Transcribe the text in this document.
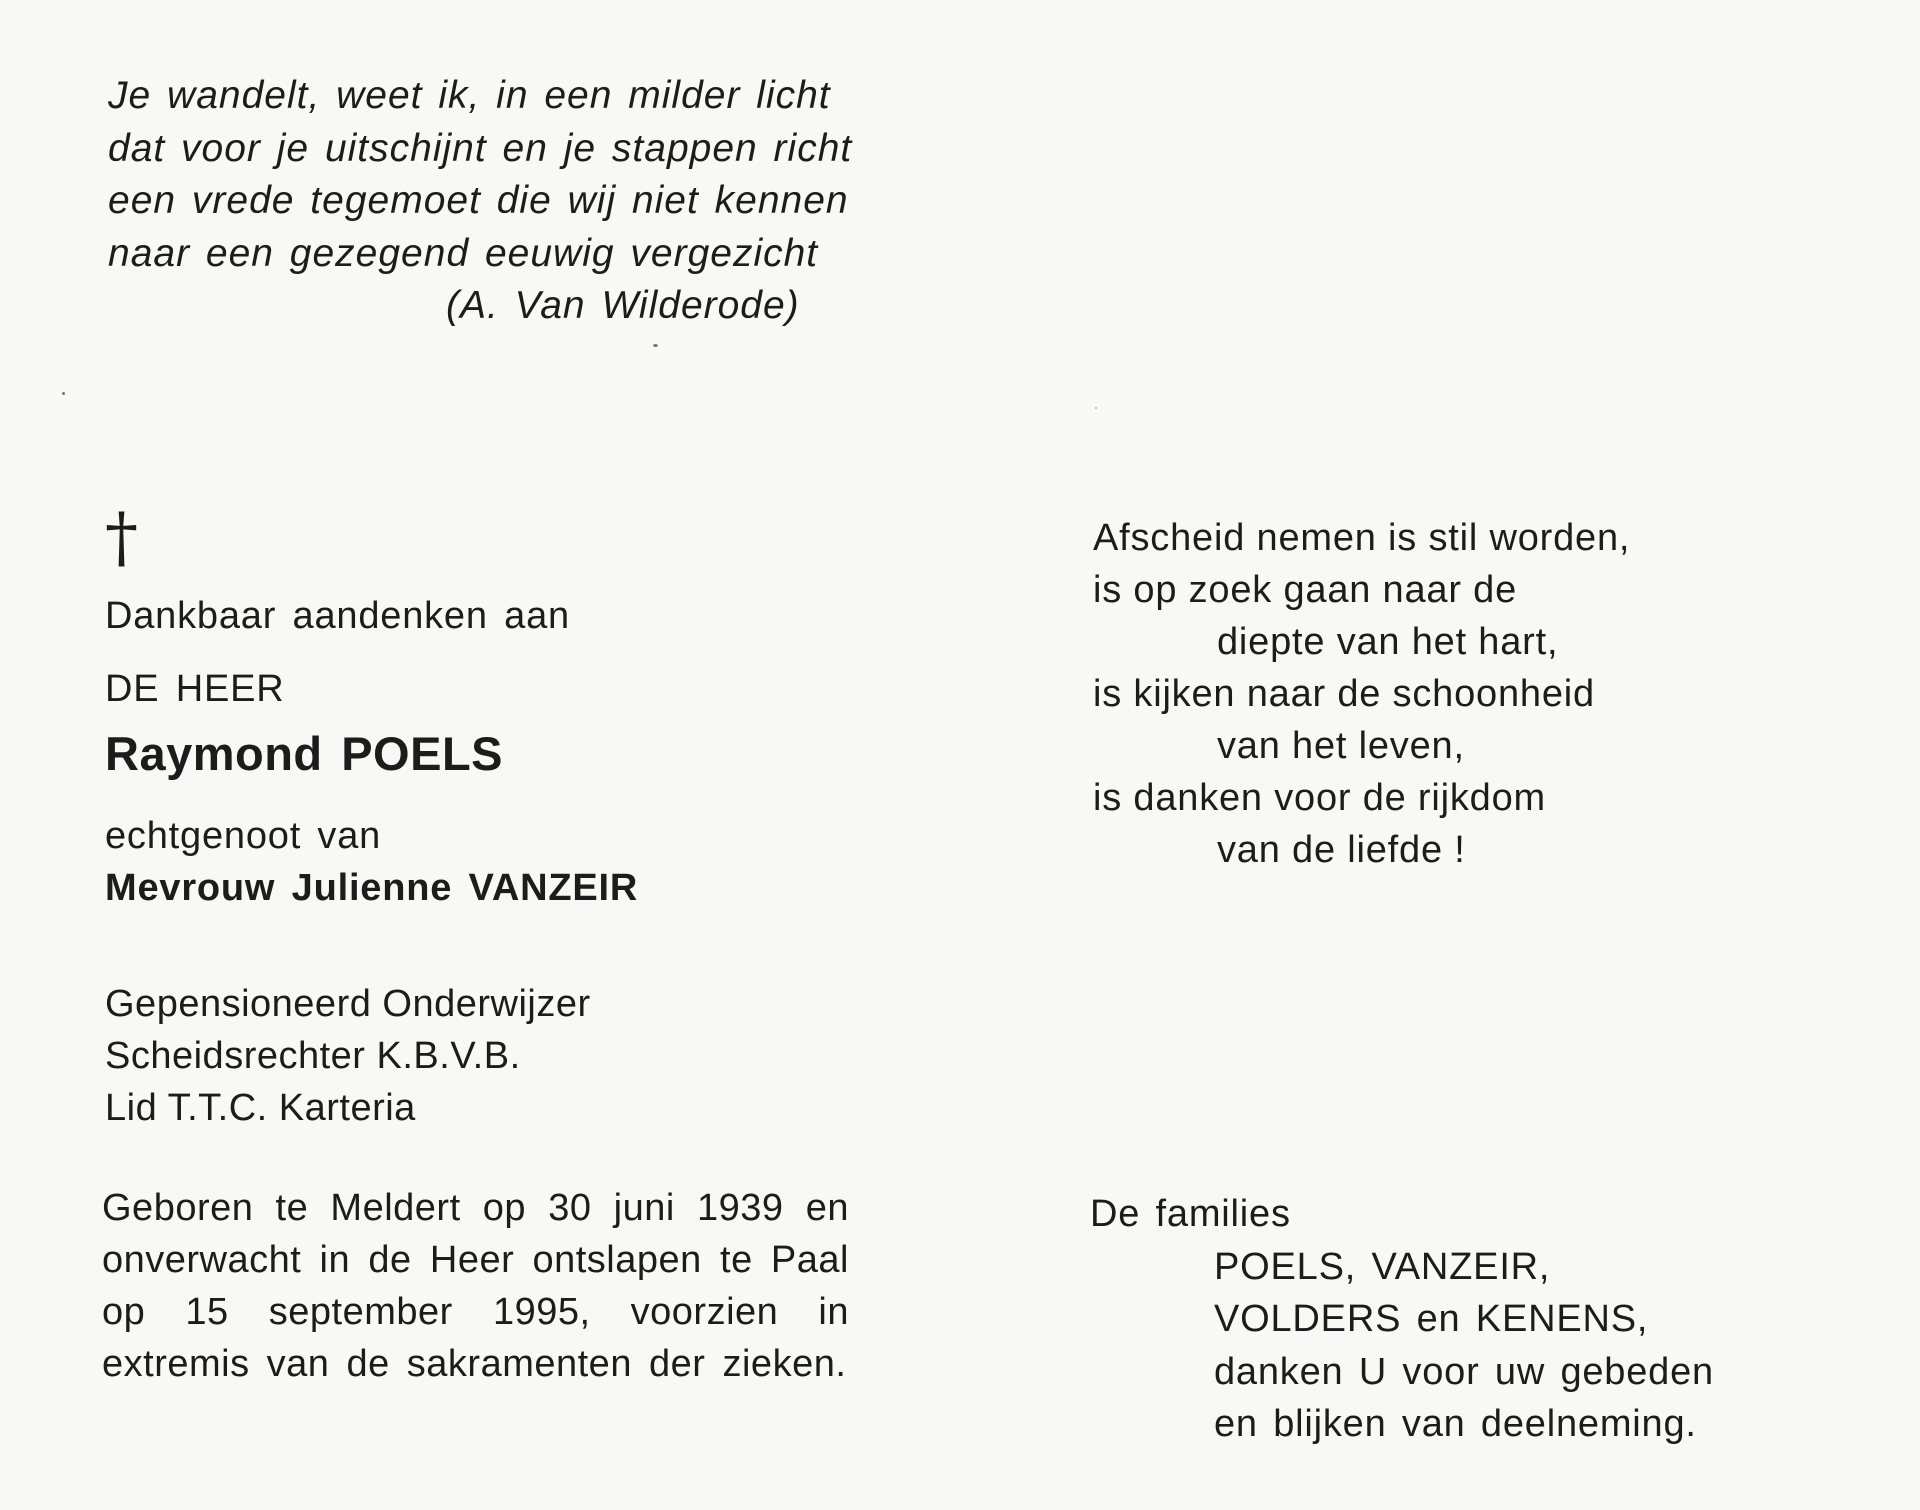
Je wandelt, weet ik, in een milder licht
dat voor je uitschijnt en je stappen richt
een vrede tegemoet die wij niet kennen
naar een gezegend eeuwig vergezicht
(A. Van Wilderode)
†
Dankbaar aandenken aan
DE HEER
Raymond POELS
echtgenoot van
Mevrouw Julienne VANZEIR
Gepensioneerd Onderwijzer
Scheidsrechter K.B.V.B.
Lid T.T.C. Karteria
Geboren te Meldert op 30 juni 1939 en onverwacht in de Heer ontslapen te Paal op 15 september 1995, voorzien in extremis van de sakramenten der zieken.
Afscheid nemen is stil worden,
is op zoek gaan naar de
diepte van het hart,
is kijken naar de schoonheid
van het leven,
is danken voor de rijkdom
van de liefde !
De families
POELS, VANZEIR,
VOLDERS en KENENS,
danken U voor uw gebeden
en blijken van deelneming.
